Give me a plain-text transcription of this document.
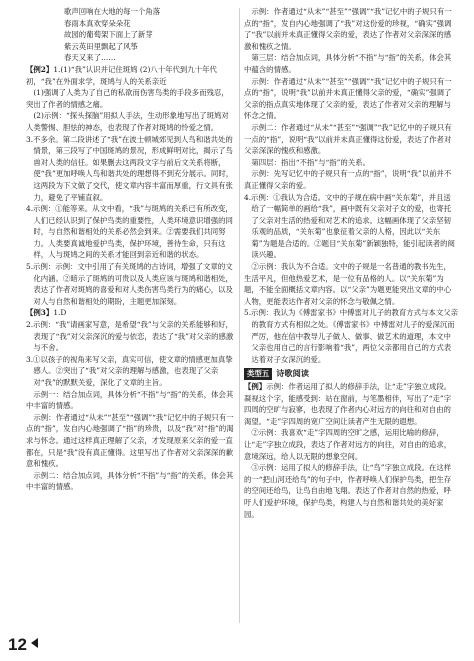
歌声回响在大地的每一个角落

春雨本真欢穿朵朵花

故园的葡萄架下面上了新芽

紫云英田里飘起了风筝

春天又来了……

【例2】1.(1)“我”认识并记住斑鸠 (2)八十年代到九十年代初，“我”在外面求学，斑鸠与人的关系亲近

(1)强调了人类为了自己的私欲而伤害鸟类的手段多而残忍，突出了作者的情感之痛。

(2)示例：“探头探脑”用拟人手法，生动形象地写出了斑鸠对人类警惕、胆怯的神态，也表现了作者对斑鸠的怜爱之情。

3.不多余。第二段讲述了“我”在波士顿城郊见到人鸟和谐共处的情景，第三段写了中国斑鸠的景况，形成鲜明对比，揭示了鸟兽对人类的信任。如果删去这两段文字与前后文关系将断，使“我”更加呼唤人鸟和谐共处的理想得不到充分展示。同时，这两段为下文做了交代，使文章内容丰富而厚重，行文具有张力，避免了平铺直叙。

4.示例：①能等来。从文中看，“我”与斑鸠的关系已有所改变，人们已经认识到了保护鸟类的重要性，人类环境意识增强的同时，与自然和谐相处的关系必然会到来。②需要我们共同努力。人类要真诚地爱护鸟类，保护环境，善待生命，只有这样，人与斑鸠之间的关系才能回到亲近和谐的状态。

5.示例：示例：文中引用了有关斑鸠的古诗词，增强了文章的文化内涵。②暗示了斑鸠的可贵以及人类应该与斑鸠和谐相处，表达了作者对斑鸠的喜爱和对人类伤害鸟类行为的痛心，以及对人与自然和谐相处的期盼，主题更加深刻。

【例3】1.D

2.示例：“我”请画家写意，是希望“我”与父亲的关系能够和好，表现了“我”对父亲深沉的爱与依恋，表达了“我”对父亲的感激与不舍。

3.①以孩子的视角来写父亲，真实可信，使文章的情感更加真挚感人。②突出了“我”对父亲的理解与感激，也表现了父亲对“我”的默默关爱，深化了文章的主旨。

示例一：结合加点词，具体分析“不指”与“指”的关系，体会其中丰富的情感。

示例：作者通过“从未”“甚至”“强调”“我”记忆中的子规只有一点的“指”，发自内心地强调了“指”的珍贵，以及“我”对“指”的渴求与怀念。通过这样真正理解了父亲，才发现原来父亲的爱一直都在，只是“我”没有真正懂得。这里写出了作者对父亲深深的歉意和愧疚。

示例二：结合加点词，具体分析“不指”与“指”的关系，体会其中丰富的情感。

示例：作者通过“从未”“甚至”“强调”“我”记忆中的子规只有一点的“指”，发自内心地强调了“我”对这份爱的珍视，“确实”强调了“我”以前并未真正懂得父亲的爱，表达了作者对父亲深深的感激和愧疚之情。

第三层：结合加点词，具体分析“不指”与“指”的关系，体会其中蕴含的情感。

示例：作者通过“从未”“甚至”“强调”“我”记忆中的子规只有一点的“指”，说明“我”以前并未真正懂得父亲的爱，“确实”强调了父亲的指点真实地体现了父亲的爱，表达了作者对父亲的理解与怀念之情。

示例二：作者通过“从未”“甚至”“强调”“我”记忆中的子规只有一点的“指”，说明“我”以前并未真正懂得这份爱，表达了作者对父亲深深的愧疚和感激。

第四层：指出“不指”与“指”的关系。

示例：先写记忆中的子规只有一点的“指”，说明“我”以前并不真正懂得父亲的爱。

4.示例：①我认为合适。文中的子规在病中画“关东菊”，并且送给了一幅简单的画给“我”，画中既有父亲对子女的爱，也寄托了父亲对生活的热爱和对艺术的追求。这幅画体现了父亲坚韧乐观的品质，“关东菊”也象征着父亲的人格，因此以“关东菊”为题是合适的。②题目“关东菊”新颖独特，能引起读者的阅读兴趣。

②示例：我认为不合适。文中的子规是一名普通的教书先生，生活平凡，但他热爱艺术，是一位有品格的人。以“关东菊”为题，不能全面概括文章内容。以“父亲”为题更能突出文章的中心人物，更能表达作者对父亲的怀念与敬佩之情。

5.示例：我认为《傅雷家书》中傅雷对儿子的教育方式与本文父亲的教育方式有相似之处。《傅雷家书》中傅雷对儿子的爱深沉而严厉，他在信中教导儿子做人、做事、做艺术的道理，本文中父亲也用自己的言行影响着“我”，两位父亲都用自己的方式表达着对子女深沉的爱。

类型五 诗歌阅读

【例】示例：作者运用了拟人的修辞手法，让“走”字独立成段。凝视这个字，能感受到：站在窗前，与笔墨相伴，写出了“走”字四周的空旷与寂寥，也表现了作者内心对远方的向往和对自由的渴望。“走”字四周的宽广空间让读者产生无限的遐想。

②示例：我喜欢“走”字四周的空旷之感，运用比喻的修辞，让“走”字独立成段，表达了作者对远方的向往，对自由的追求，意境深远，给人以无限的想象空间。

③示例：运用了拟人的修辞手法，让“鸟”字独立成段。在这样的一“把山河还给鸟”的句子中，作者呼唤人们保护鸟类，把生存的空间还给鸟，让鸟自由地飞翔。表达了作者对自然的热爱，呼吁人们爱护环境，保护鸟类，构建人与自然和谐共处的美好家园。

12
